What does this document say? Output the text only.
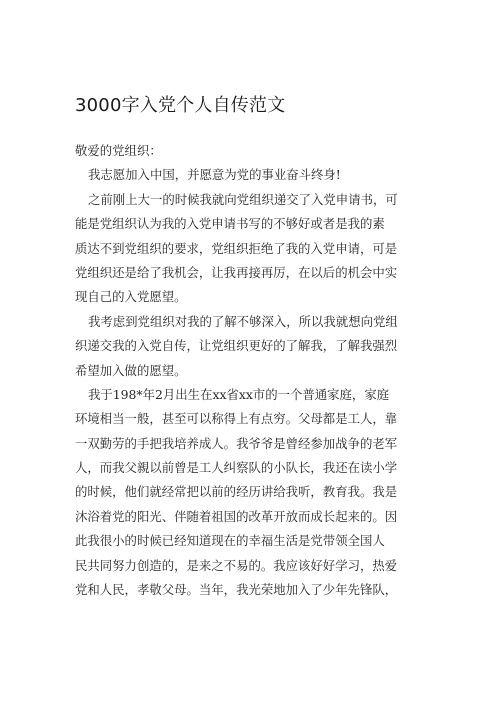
3000字入党个人自传范文
敬爱的党组织：
我志愿加入中国，并愿意为党的事业奋斗终身!
之前刚上大一的时候我就向党组织递交了入党申请书，可
能是党组织认为我的入党申请书写的不够好或者是我的素
质达不到党组织的要求，党组织拒绝了我的入党申请，可是
党组织还是给了我机会，让我再接再厉，在以后的机会中实
现自己的入党愿望。
我考虑到党组织对我的了解不够深入，所以我就想向党组
织递交我的入党自传，让党组织更好的了解我，了解我强烈
希望加入做的愿望。
我于198*年2月出生在xx省xx市的一个普通家庭，家庭
环境相当一般，甚至可以称得上有点穷。父母都是工人，靠
一双勤劳的手把我培养成人。我爷爷是曾经参加战争的老军
人，而我父親以前曾是工人纠察队的小队长，我还在读小学
的时候，他们就经常把以前的经历讲给我听，教育我。我是
沐浴着党的阳光、伴随着祖国的改革开放而成长起来的。因
此我很小的时候已经知道现在的幸福生活是党带领全国人
民共同努力创造的，是来之不易的。我应该好好学习，热爱
党和人民，孝敬父母。当年，我光荣地加入了少年先锋队，
